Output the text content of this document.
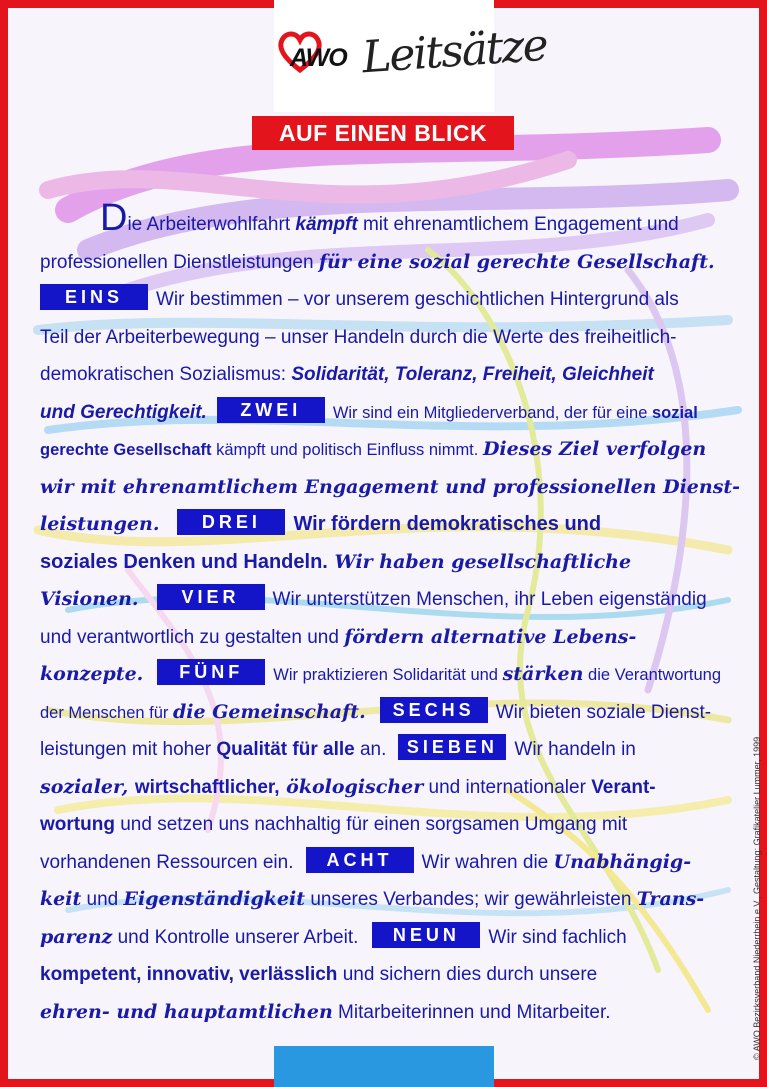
AWO Leitsätze
AUF EINEN BLICK
Die Arbeiterwohlfahrt kämpft mit ehrenamtlichem Engagement und
professionellen Dienstleistungen für eine sozial gerechte Gesellschaft.
EINS Wir bestimmen – vor unserem geschichtlichen Hintergrund als
Teil der Arbeiterbewegung – unser Handeln durch die Werte des freiheitlich-
demokratischen Sozialismus: Solidarität, Toleranz, Freiheit, Gleichheit
und Gerechtigkeit. ZWEI Wir sind ein Mitgliederverband, der für eine sozial
gerechte Gesellschaft kämpft und politisch Einfluss nimmt. Dieses Ziel verfolgen
wir mit ehrenamtlichem Engagement und professionellen Dienst-
leistungen. DREI Wir fördern demokratisches und
soziales Denken und Handeln. Wir haben gesellschaftliche
Visionen. VIER Wir unterstützen Menschen, ihr Leben eigenständig
und verantwortlich zu gestalten und fördern alternative Lebens-
konzepte. FÜNF Wir praktizieren Solidarität und stärken die Verantwortung
der Menschen für die Gemeinschaft. SECHS Wir bieten soziale Dienst-
leistungen mit hoher Qualität für alle an. SIEBEN Wir handeln in
sozialer, wirtschaftlicher, ökologischer und internationaler Verant-
wortung und setzen uns nachhaltig für einen sorgsamen Umgang mit
vorhandenen Ressourcen ein. ACHT Wir wahren die Unabhängig-
keit und Eigenständigkeit unseres Verbandes; wir gewährleisten Trans-
parenz und Kontrolle unserer Arbeit. NEUN Wir sind fachlich
kompetent, innovativ, verlässlich und sichern dies durch unsere
ehren- und hauptamtlichen Mitarbeiterinnen und Mitarbeiter.	© AWO Bezirksverband Niederrhein e.V., Gestaltung: Grafikatelier Lummer, 1999
